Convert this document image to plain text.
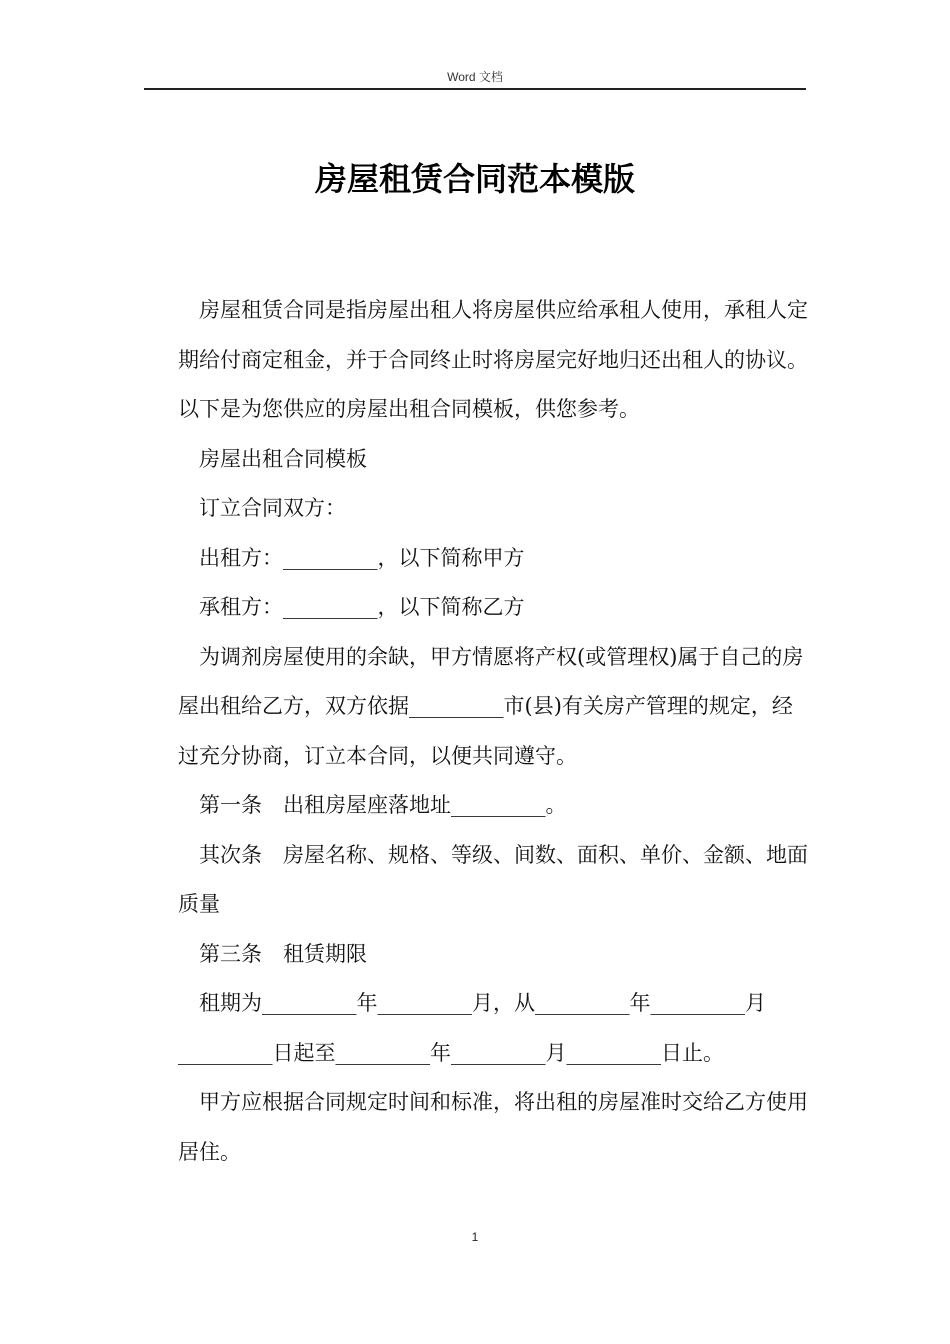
Word 文档
房屋租赁合同范本模版

房屋租赁合同是指房屋出租人将房屋供应给承租人使用，承租人定期给付商定租金，并于合同终止时将房屋完好地归还出租人的协议。以下是为您供应的房屋出租合同模板，供您参考。

房屋出租合同模板

订立合同双方：

出租方：_________，以下简称甲方

承租方：_________，以下简称乙方

为调剂房屋使用的余缺，甲方情愿将产权(或管理权)属于自己的房屋出租给乙方，双方依据_________市(县)有关房产管理的规定，经过充分协商，订立本合同，以便共同遵守。

第一条　出租房屋座落地址_________。

其次条　房屋名称、规格、等级、间数、面积、单价、金额、地面质量

第三条　租赁期限

租期为_________年_________月，从_________年_________月_________日起至_________年_________月_________日止。

甲方应根据合同规定时间和标准，将出租的房屋准时交给乙方使用居住。

1
